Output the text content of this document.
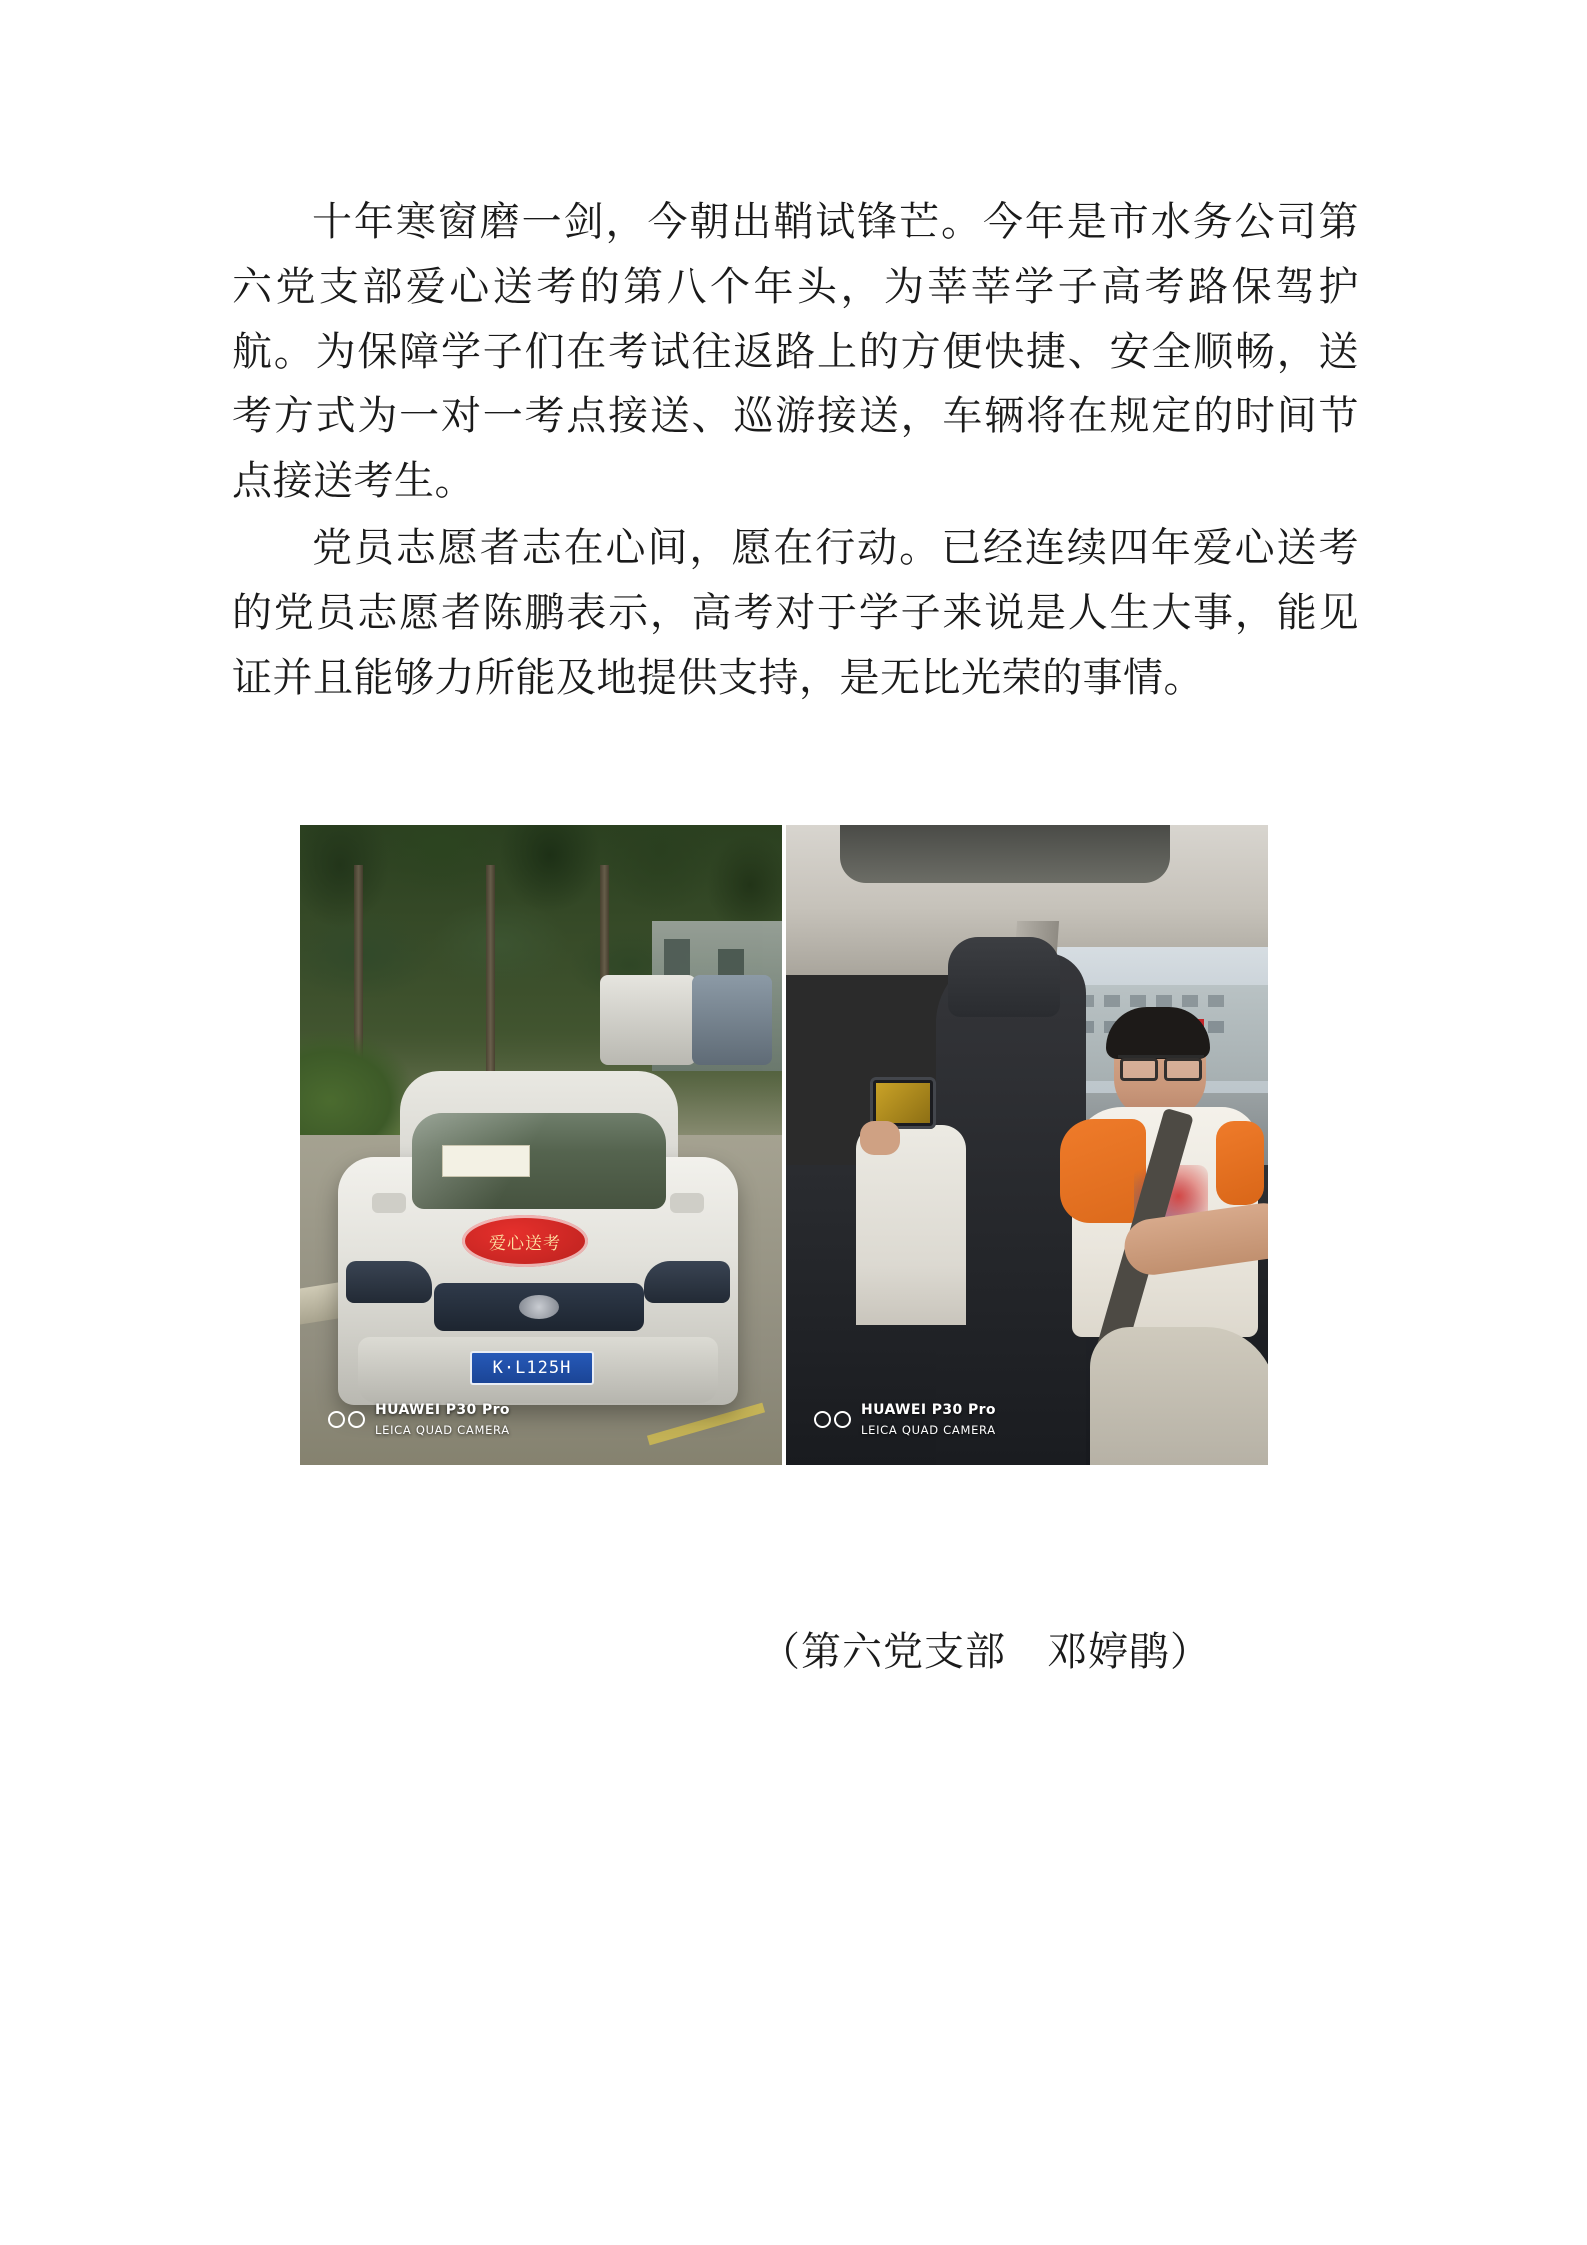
十年寒窗磨一剑，今朝出鞘试锋芒。今年是市水务公司第六党支部爱心送考的第八个年头，为莘莘学子高考路保驾护航。为保障学子们在考试往返路上的方便快捷、安全顺畅，送考方式为一对一考点接送、巡游接送，车辆将在规定的时间节点接送考生。

党员志愿者志在心间，愿在行动。已经连续四年爱心送考的党员志愿者陈鹏表示，高考对于学子来说是人生大事，能见证并且能够力所能及地提供支持，是无比光荣的事情。

爱心送考
K·L125H
HUAWEI P30 Pro
LEICA QUAD CAMERA
HUAWEI P30 Pro
LEICA QUAD CAMERA
（第六党支部　邓婷鹃）
